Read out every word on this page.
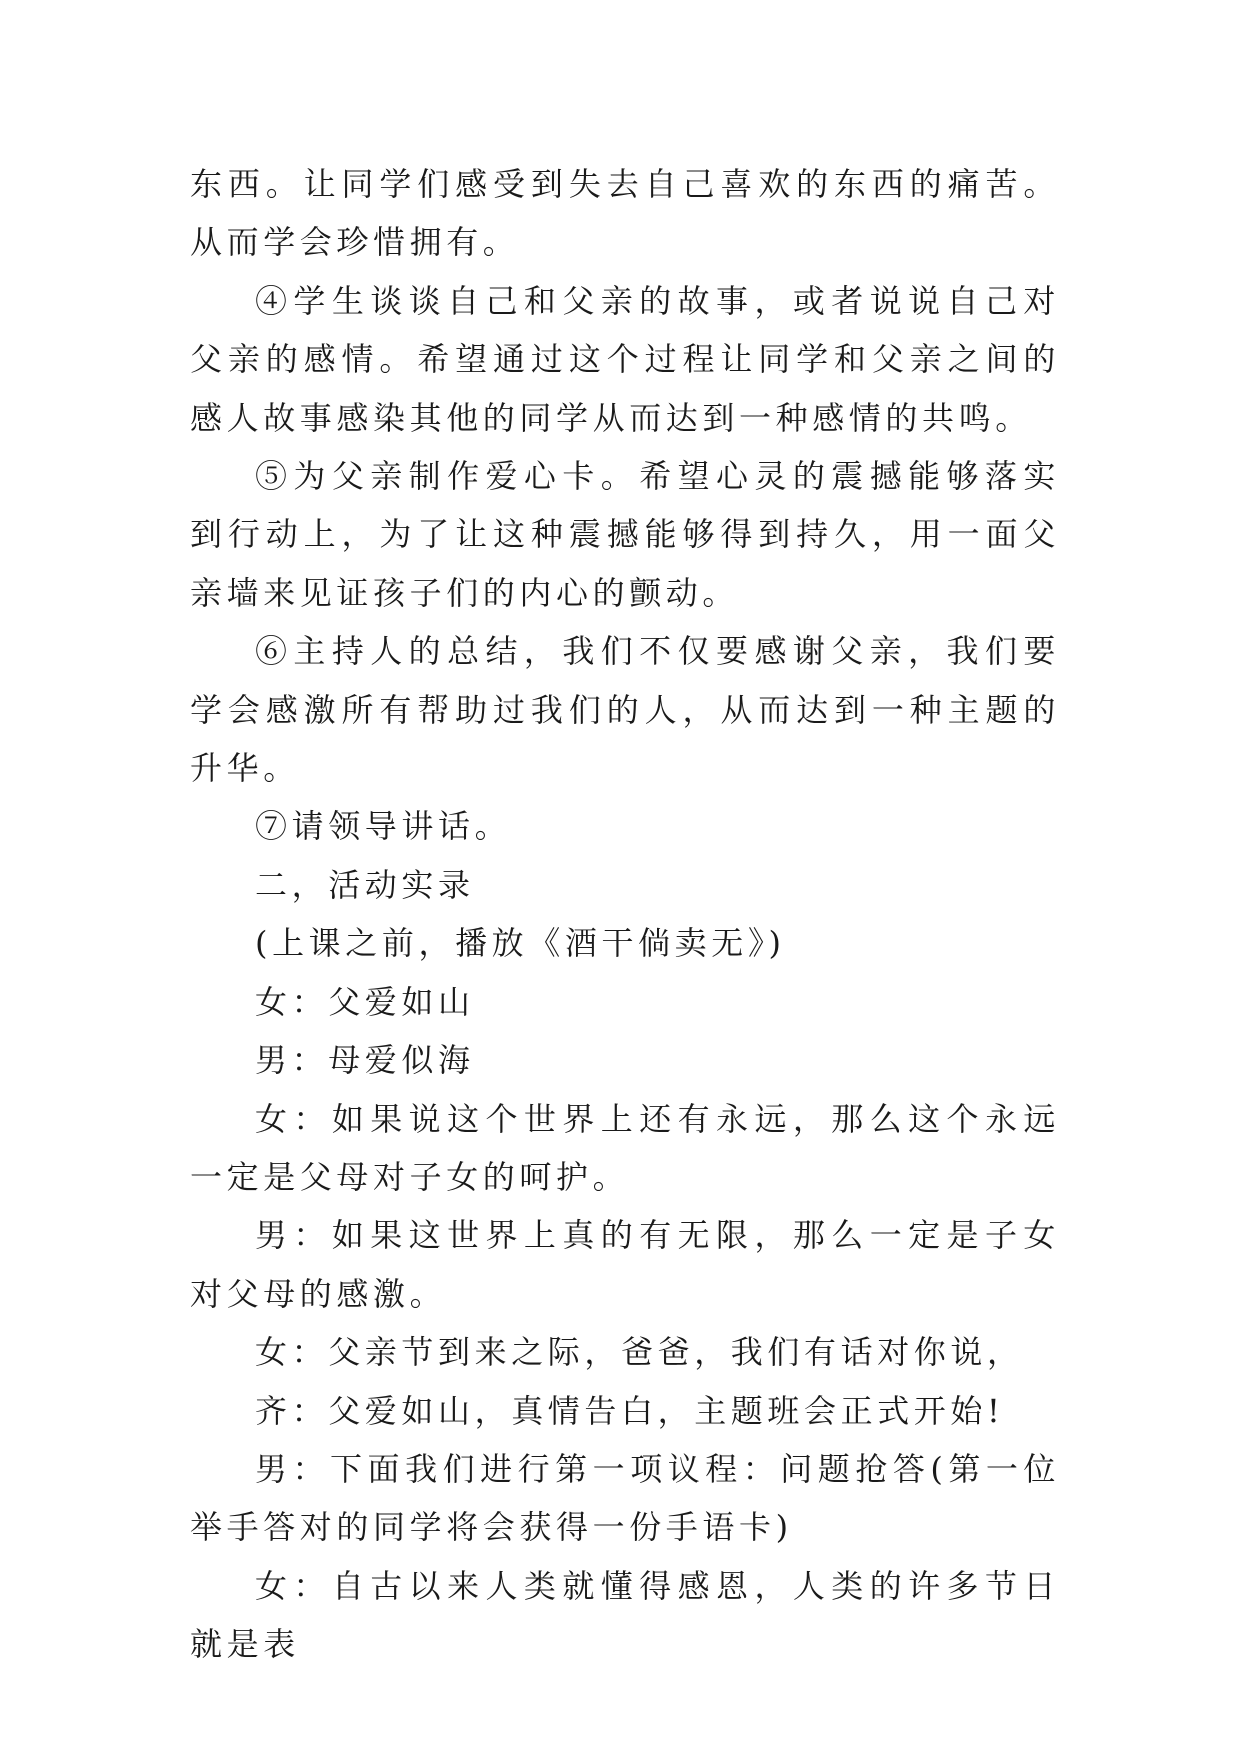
东西。让同学们感受到失去自己喜欢的东西的痛苦。从而学会珍惜拥有。

④学生谈谈自己和父亲的故事，或者说说自己对父亲的感情。希望通过这个过程让同学和父亲之间的感人故事感染其他的同学从而达到一种感情的共鸣。

⑤为父亲制作爱心卡。希望心灵的震撼能够落实到行动上，为了让这种震撼能够得到持久，用一面父亲墙来见证孩子们的内心的颤动。

⑥主持人的总结，我们不仅要感谢父亲，我们要学会感激所有帮助过我们的人，从而达到一种主题的升华。

⑦请领导讲话。

二，活动实录

(上课之前，播放《酒干倘卖无》)

女：父爱如山

男：母爱似海

女：如果说这个世界上还有永远，那么这个永远一定是父母对子女的呵护。

男：如果这世界上真的有无限，那么一定是子女对父母的感激。

女：父亲节到来之际，爸爸，我们有话对你说，

齐：父爱如山，真情告白，主题班会正式开始!

男：下面我们进行第一项议程：问题抢答(第一位举手答对的同学将会获得一份手语卡)

女：自古以来人类就懂得感恩，人类的许多节日就是表
